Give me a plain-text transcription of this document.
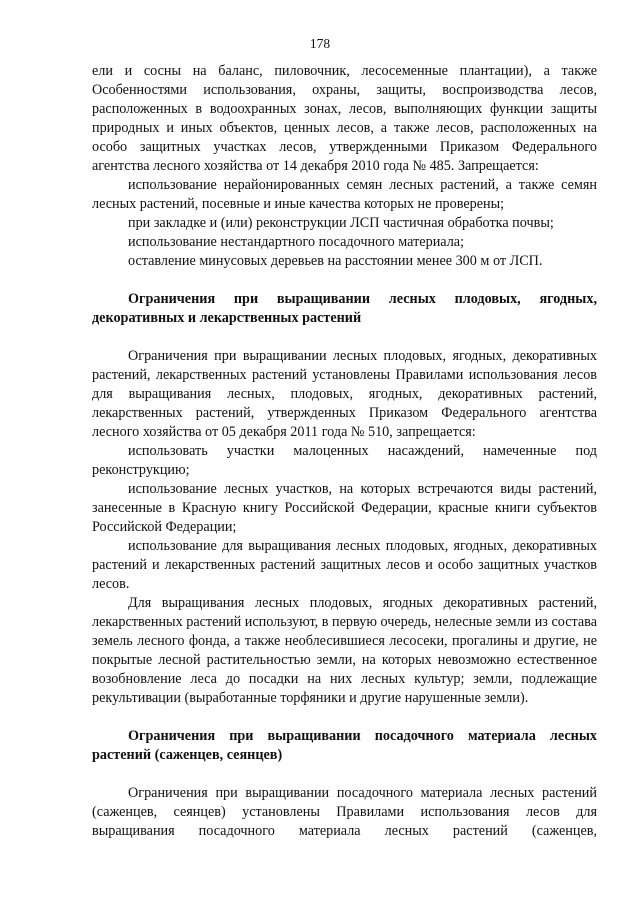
178

ели и сосны на баланс, пиловочник, лесосеменные плантации), а также Особенностями использования, охраны, защиты, воспроизводства лесов, расположенных в водоохранных зонах, лесов, выполняющих функции защиты природных и иных объектов, ценных лесов, а также лесов, расположенных на особо защитных участках лесов, утвержденными Приказом Федерального агентства лесного хозяйства от 14 декабря 2010 года № 485. Запрещается:

использование нерайонированных семян лесных растений, а также семян лесных растений, посевные и иные качества которых не проверены;

при закладке и (или) реконструкции ЛСП частичная обработка почвы;

использование нестандартного посадочного материала;

оставление минусовых деревьев на расстоянии менее 300 м от ЛСП.

Ограничения при выращивании лесных плодовых, ягодных, декоративных и лекарственных растений

Ограничения при выращивании лесных плодовых, ягодных, декоративных растений, лекарственных растений установлены Правилами использования лесов для выращивания лесных, плодовых, ягодных, декоративных растений, лекарственных растений, утвержденных Приказом Федерального агентства лесного хозяйства от 05 декабря 2011 года № 510, запрещается:

использовать участки малоценных насаждений, намеченные под реконструкцию;

использование лесных участков, на которых встречаются виды растений, занесенные в Красную книгу Российской Федерации, красные книги субъектов Российской Федерации;

использование для выращивания лесных плодовых, ягодных, декоративных растений и лекарственных растений защитных лесов и особо защитных участков лесов.

Для выращивания лесных плодовых, ягодных декоративных растений, лекарственных растений используют, в первую очередь, нелесные земли из состава земель лесного фонда, а также необлесившиеся лесосеки, прогалины и другие, не покрытые лесной растительностью земли, на которых невозможно естественное возобновление леса до посадки на них лесных культур; земли, подлежащие рекультивации (выработанные торфяники и другие нарушенные земли).

Ограничения при выращивании посадочного материала лесных растений (саженцев, сеянцев)

Ограничения при выращивании посадочного материала лесных растений (саженцев, сеянцев) установлены Правилами использования лесов для выращивания посадочного материала лесных растений (саженцев,
